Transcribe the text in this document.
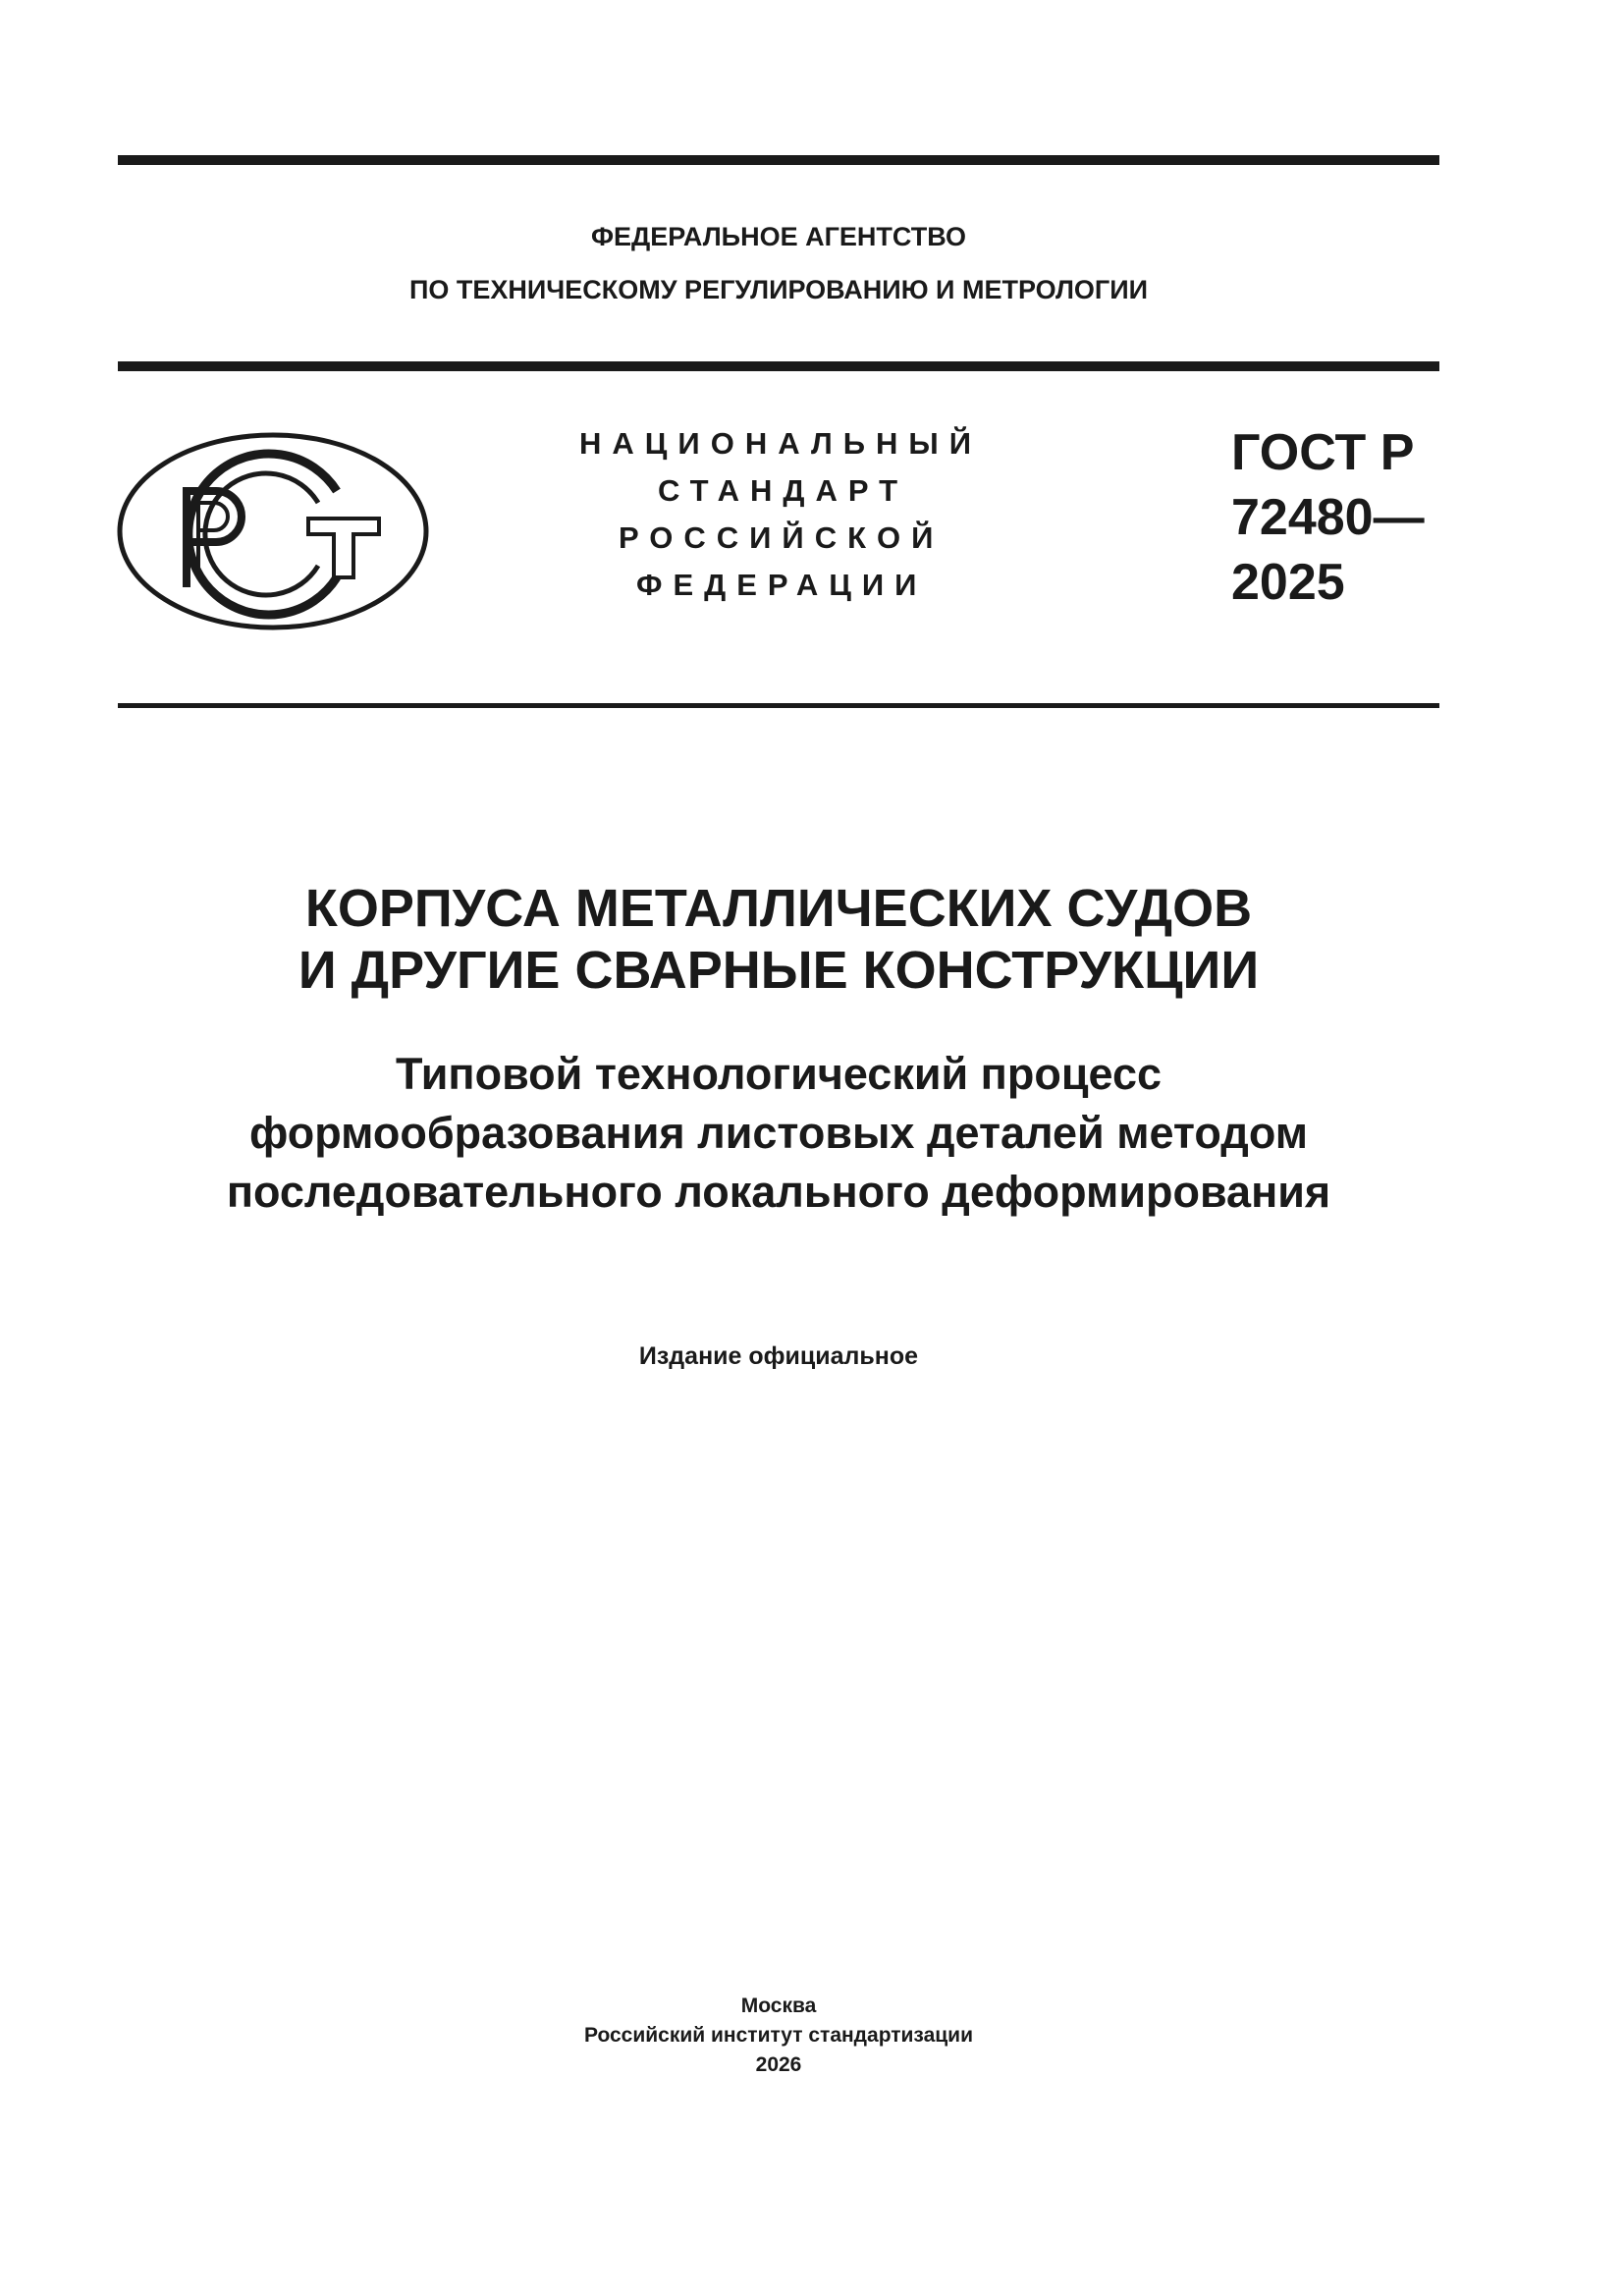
ФЕДЕРАЛЬНОЕ АГЕНТСТВО
ПО ТЕХНИЧЕСКОМУ РЕГУЛИРОВАНИЮ И МЕТРОЛОГИИ
НАЦИОНАЛЬНЫЙ
СТАНДАРТ
РОССИЙСКОЙ
ФЕДЕРАЦИИ
ГОСТ Р
72480—
2025
КОРПУСА МЕТАЛЛИЧЕСКИХ СУДОВ
И ДРУГИЕ СВАРНЫЕ КОНСТРУКЦИИ
Типовой технологический процесс
формообразования листовых деталей методом
последовательного локального деформирования
Издание официальное
Москва
Российский институт стандартизации
2026
